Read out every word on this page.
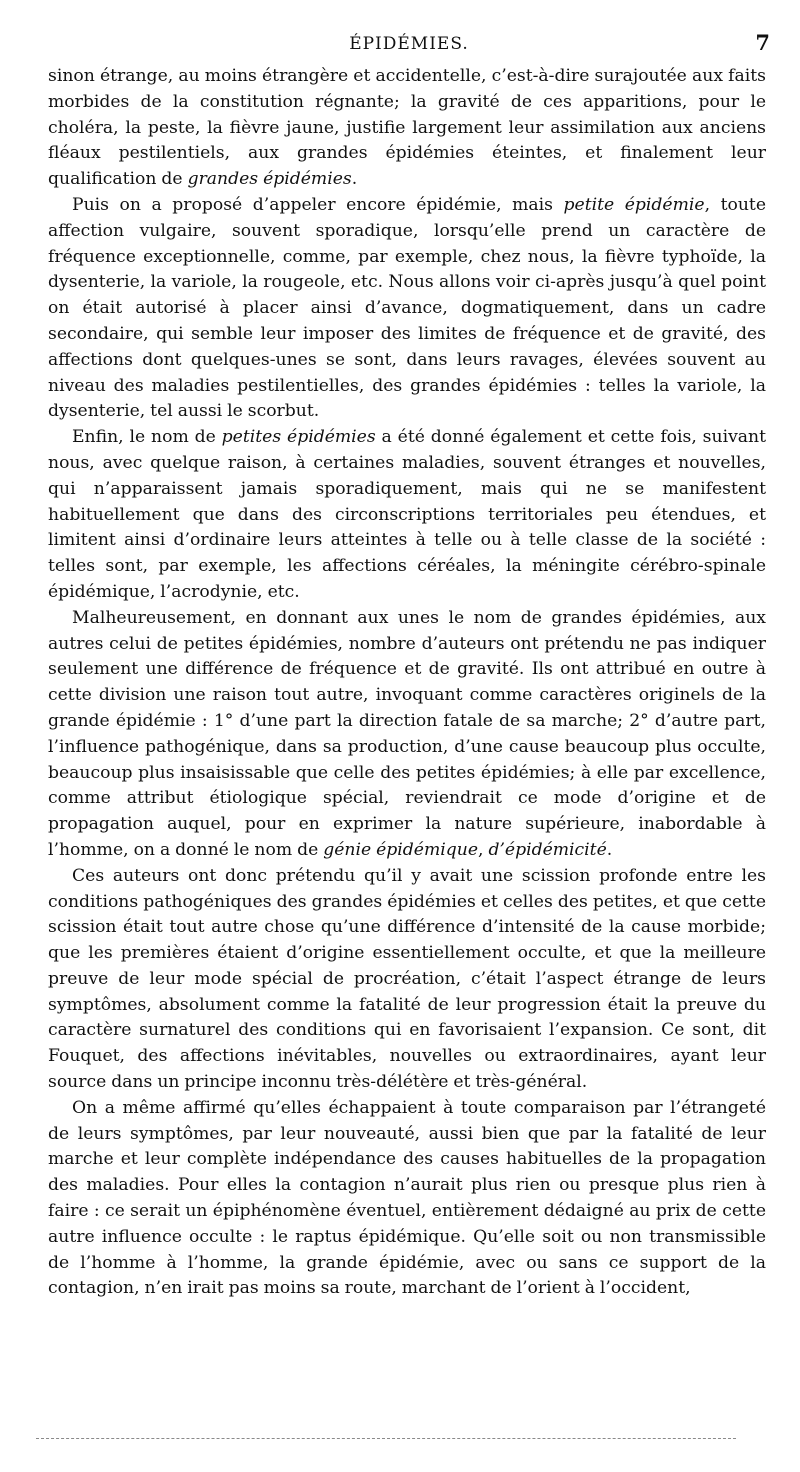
ÉPIDÉMIES.	7

sinon étrange, au moins étrangère et accidentelle, c’est-à-dire surajoutée aux faits morbides de la constitution régnante; la gravité de ces apparitions, pour le choléra, la peste, la fièvre jaune, justifie largement leur assimilation aux anciens fléaux pestilentiels, aux grandes épidémies éteintes, et finalement leur qualification de grandes épidémies.

Puis on a proposé d’appeler encore épidémie, mais petite épidémie, toute affection vulgaire, souvent sporadique, lorsqu’elle prend un caractère de fréquence exceptionnelle, comme, par exemple, chez nous, la fièvre typhoïde, la dysenterie, la variole, la rougeole, etc. Nous allons voir ci-après jusqu’à quel point on était autorisé à placer ainsi d’avance, dogmatiquement, dans un cadre secondaire, qui semble leur imposer des limites de fréquence et de gravité, des affections dont quelques-unes se sont, dans leurs ravages, élevées souvent au niveau des maladies pestilentielles, des grandes épidémies : telles la variole, la dysenterie, tel aussi le scorbut.

Enfin, le nom de petites épidémies a été donné également et cette fois, suivant nous, avec quelque raison, à certaines maladies, souvent étranges et nouvelles, qui n’apparaissent jamais sporadiquement, mais qui ne se manifestent habituellement que dans des circonscriptions territoriales peu étendues, et limitent ainsi d’ordinaire leurs atteintes à telle ou à telle classe de la société : telles sont, par exemple, les affections céréales, la méningite cérébro-spinale épidémique, l’acrodynie, etc.

Malheureusement, en donnant aux unes le nom de grandes épidémies, aux autres celui de petites épidémies, nombre d’auteurs ont prétendu ne pas indiquer seulement une différence de fréquence et de gravité. Ils ont attribué en outre à cette division une raison tout autre, invoquant comme caractères originels de la grande épidémie : 1° d’une part la direction fatale de sa marche; 2° d’autre part, l’influence pathogénique, dans sa production, d’une cause beaucoup plus occulte, beaucoup plus insaisissable que celle des petites épidémies; à elle par excellence, comme attribut étiologique spécial, reviendrait ce mode d’origine et de propagation auquel, pour en exprimer la nature supérieure, inabordable à l’homme, on a donné le nom de génie épidémique, d’épidémicité.

Ces auteurs ont donc prétendu qu’il y avait une scission profonde entre les conditions pathogéniques des grandes épidémies et celles des petites, et que cette scission était tout autre chose qu’une différence d’intensité de la cause morbide; que les premières étaient d’origine essentiellement occulte, et que la meilleure preuve de leur mode spécial de procréation, c’était l’aspect étrange de leurs symptômes, absolument comme la fatalité de leur progression était la preuve du caractère surnaturel des conditions qui en favorisaient l’expansion. Ce sont, dit Fouquet, des affections inévitables, nouvelles ou extraordinaires, ayant leur source dans un principe inconnu très-délétère et très-général.

On a même affirmé qu’elles échappaient à toute comparaison par l’étrangeté de leurs symptômes, par leur nouveauté, aussi bien que par la fatalité de leur marche et leur complète indépendance des causes habituelles de la propagation des maladies. Pour elles la contagion n’aurait plus rien ou presque plus rien à faire : ce serait un épiphénomène éventuel, entièrement dédaigné au prix de cette autre influence occulte : le raptus épidémique. Qu’elle soit ou non transmissible de l’homme à l’homme, la grande épidémie, avec ou sans ce support de la contagion, n’en irait pas moins sa route, marchant de l’orient à l’occident,
